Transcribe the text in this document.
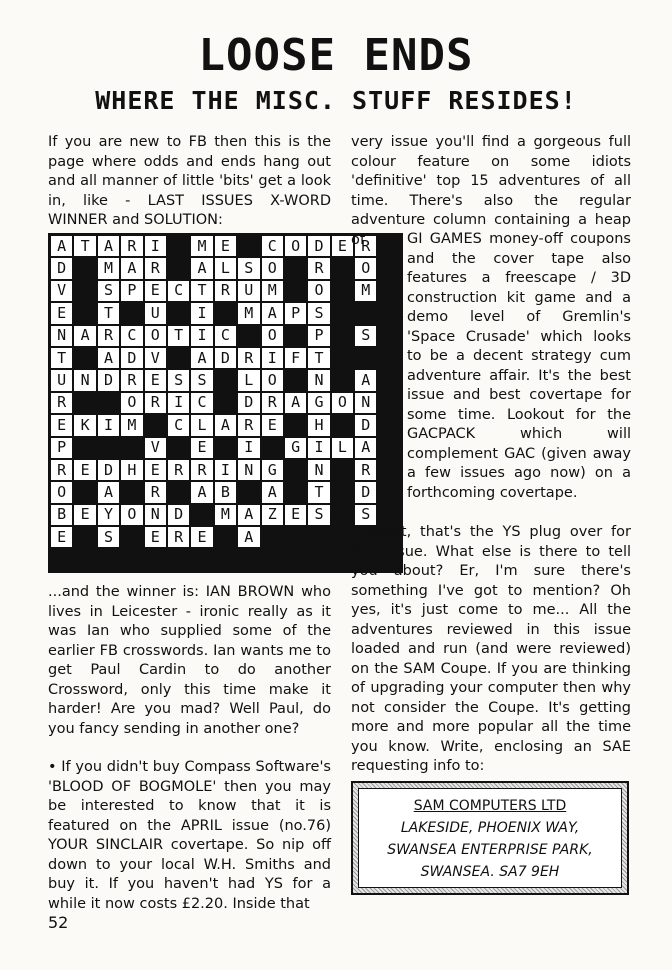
LOOSE ENDS
WHERE THE MISC. STUFF RESIDES!
If you are new to FB then this is the page where odds and ends hang out and all manner of little 'bits' get a look in, like - LAST ISSUES X-WORD WINNER and SOLUTION:
A T A R I	M E	C O D E R
D	M A R	A L S O	R	O
V	S P E C T R U M	O	M
E	T	U	I	M A P S
N A R C O T I C	O	P	S
T	A D V	A D R I F T
U N D R E S S	L O	N	A
R	O R I C	D R A G O N
E K I M	C L A R E	H	D
P	V	E	I	G I L A
R E D H E R R I N G	N	R
O	A	R	A B	A	T	D
B E Y O N D	M A Z E S	S
E	S	E R E	A
...and the winner is: IAN BROWN who lives in Leicester - ironic really as it was Ian who supplied some of the earlier FB crosswords. Ian wants me to get Paul Cardin to do another Crossword, only this time make it harder! Are you mad? Well Paul, do you fancy sending in another one?
• If you didn't buy Compass Software's 'BLOOD OF BOGMOLE' then you may be interested to know that it is featured on the APRIL issue (no.76) YOUR SINCLAIR covertape. So nip off down to your local W.H. Smiths and buy it. If you haven't had YS for a while it now costs £2.20. Inside that
very issue you'll find a gorgeous full colour feature on some idiots 'definitive' top 15 adventures of all time. There's also the regular adventure column containing a heap of	GI GAMES money-off coupons and the cover tape also features a freescape / 3D construction kit game and a demo level of Gremlin's 'Space Crusade' which looks to be a decent strategy cum adventure affair. It's the best issue and best covertape for some time. Lookout for the GACPACK which will complement GAC (given away a few issues ago now) on a forthcoming covertape.
• Right, that's the YS plug over for this issue. What else is there to tell you about? Er, I'm sure there's something I've got to mention? Oh yes, it's just come to me... All the adventures reviewed in this issue loaded and run (and were reviewed) on the SAM Coupe. If you are thinking of upgrading your computer then why not consider the Coupe. It's getting more and more popular all the time you know. Write, enclosing an SAE requesting info to:
SAM COMPUTERS LTD
LAKESIDE, PHOENIX WAY,
SWANSEA ENTERPRISE PARK,
SWANSEA. SA7 9EH
52
